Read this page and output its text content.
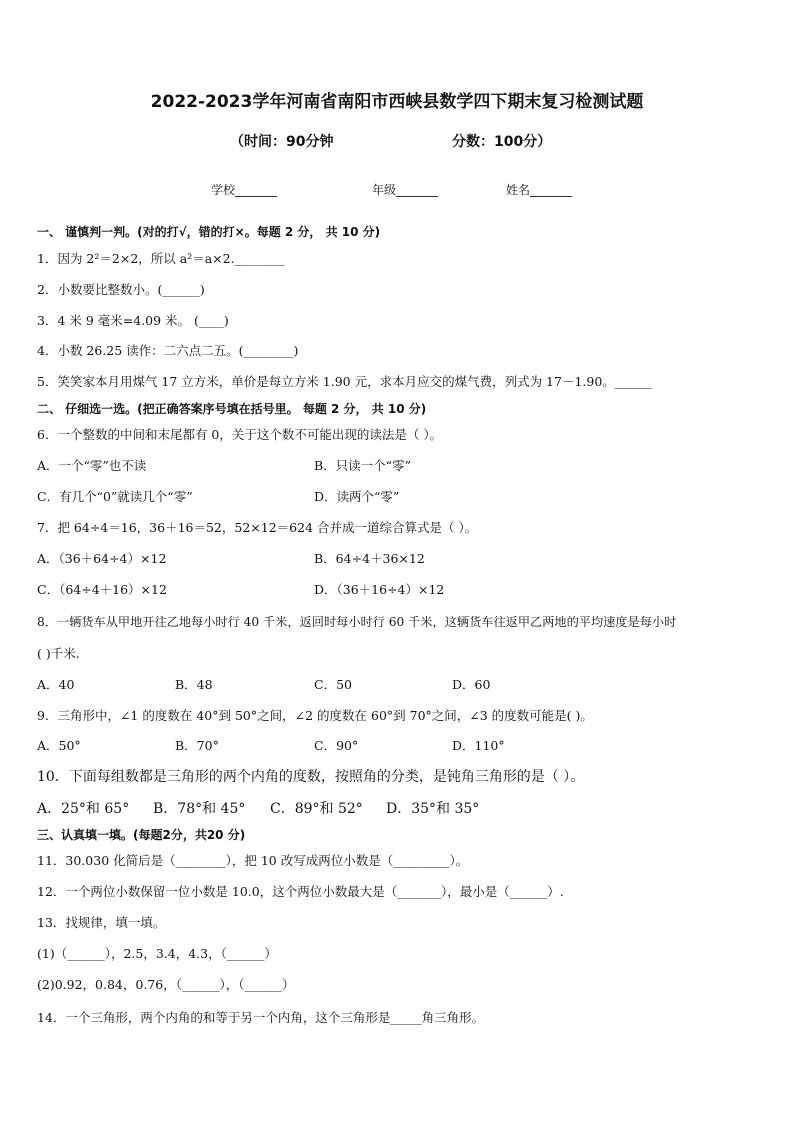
2022-2023学年河南省南阳市西峡县数学四下期末复习检测试题
（时间：90分钟	分数：100分）
学校_______	年级_______	姓名_______
一、 谨慎判一判。(对的打√，错的打×。每题 2 分， 共 10 分)
1．因为 2²＝2×2，所以 a²＝a×2.________
2．小数要比整数小。(______)
3．4 米 9 毫米=4.09 米。 (____)
4．小数 26.25 读作：二六点二五。(________)
5．笑笑家本月用煤气 17 立方米，单价是每立方米 1.90 元，求本月应交的煤气费，列式为 17－1.90。______
二、 仔细选一选。(把正确答案序号填在括号里。 每题 2 分， 共 10 分)
6．一个整数的中间和末尾都有 0，关于这个数不可能出现的读法是（ ）。
A．一个“零”也不读	B．只读一个“零”
C．有几个“0”就读几个“零”	D．读两个“零”
7．把 64÷4＝16，36＋16＝52，52×12＝624 合并成一道综合算式是（ ）。
A．（36＋64÷4）×12	B．64÷4＋36×12
C．（64÷4＋16）×12	D．（36＋16÷4）×12
8．一辆货车从甲地开往乙地每小时行 40 千米，返回时每小时行 60 千米，这辆货车往返甲乙两地的平均速度是每小时
( )千米.
A．40	B．48	C．50	D．60
9．三角形中，∠1 的度数在 40°到 50°之间，∠2 的度数在 60°到 70°之间，∠3 的度数可能是( )。
A．50°	B．70°	C．90°	D．110°
10．下面每组数都是三角形的两个内角的度数，按照角的分类，是钝角三角形的是（ ）。
A．25°和 65° B．78°和 45° C．89°和 52° D．35°和 35°
三、认真填一填。(每题2分，共20 分)
11．30.030 化简后是（________），把 10 改写成两位小数是（_________）。
12．一个两位小数保留一位小数是 10.0，这个两位小数最大是（_______），最小是（______）.
13．找规律，填一填。
(1)（______），2.5，3.4，4.3，（______）
(2)0.92，0.84，0.76，（______），（______）
14．一个三角形，两个内角的和等于另一个内角，这个三角形是_____角三角形。
